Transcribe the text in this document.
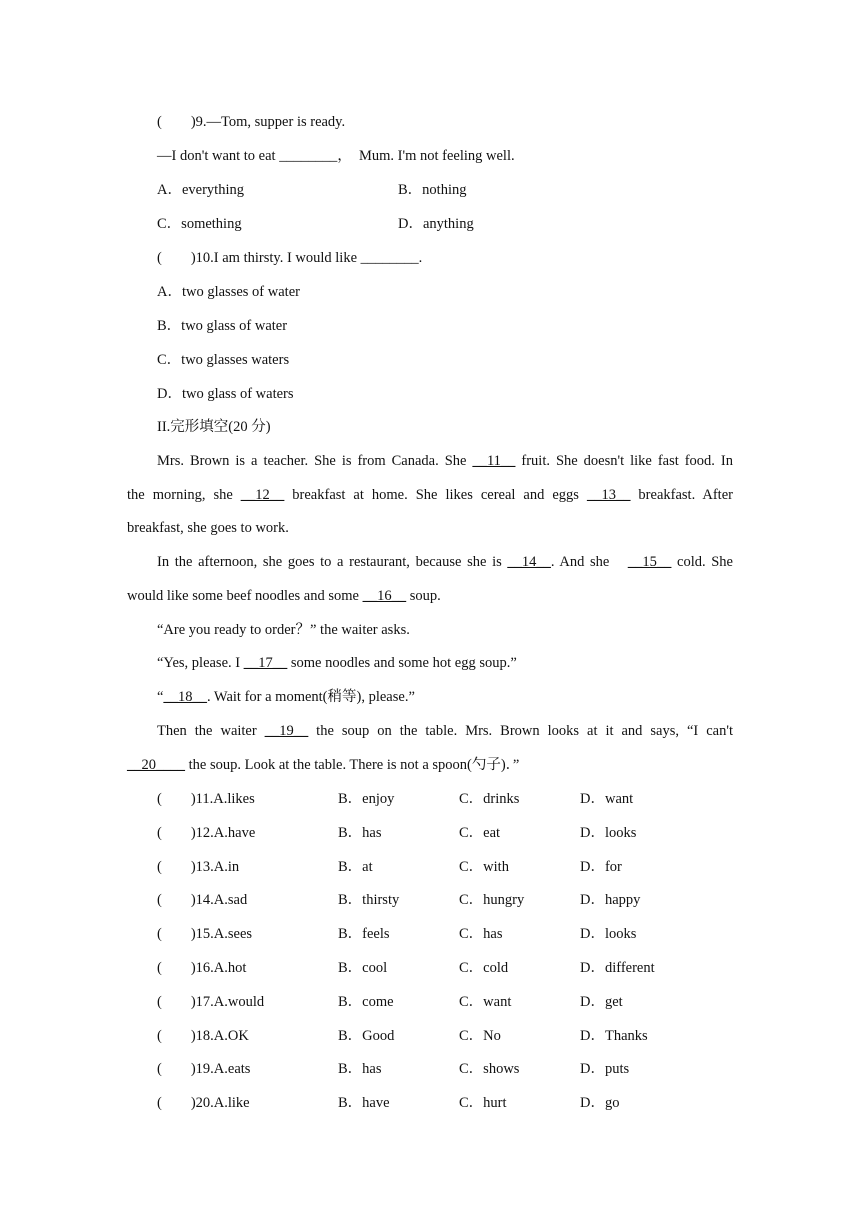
(　　)9.—Tom, supper is ready.
—I don't want to eat ________，　Mum. I'm not feeling well.
A．everything	B．nothing
C．something	D．anything
(　　)10.I am thirsty. I would like ________.
A．two glasses of water
B．two glass of water
C．two glasses waters
D．two glass of waters
II.完形填空(20 分)
Mrs. Brown is a teacher. She is from Canada. She __11__ fruit. She doesn't like fast food. In
the morning, she __12__ breakfast at home. She likes cereal and eggs __13__ breakfast. After
breakfast, she goes to work.
In the afternoon, she goes to a restaurant, because she is __14__. And she　__15__ cold. She
would like some beef noodles and some __16__ soup.
“Are you ready to order？” the waiter asks.
“Yes, please. I __17__ some noodles and some hot egg soup.”
“__18__. Wait for a moment(稍等), please.”
Then the waiter __19__ the soup on the table. Mrs. Brown looks at it and says, “I can't
__20____ the soup. Look at the table. There is not a spoon(勺子)．”
(　　)11.A.likes	B．enjoy	C．drinks	D．want
(　　)12.A.have	B．has	C．eat	D．looks
(　　)13.A.in	B．at	C．with	D．for
(　　)14.A.sad	B．thirsty	C．hungry	D．happy
(　　)15.A.sees	B．feels	C．has	D．looks
(　　)16.A.hot	B．cool	C．cold	D．different
(　　)17.A.would	B．come	C．want	D．get
(　　)18.A.OK	B．Good	C．No	D．Thanks
(　　)19.A.eats	B．has	C．shows	D．puts
(　　)20.A.like	B．have	C．hurt	D．go
